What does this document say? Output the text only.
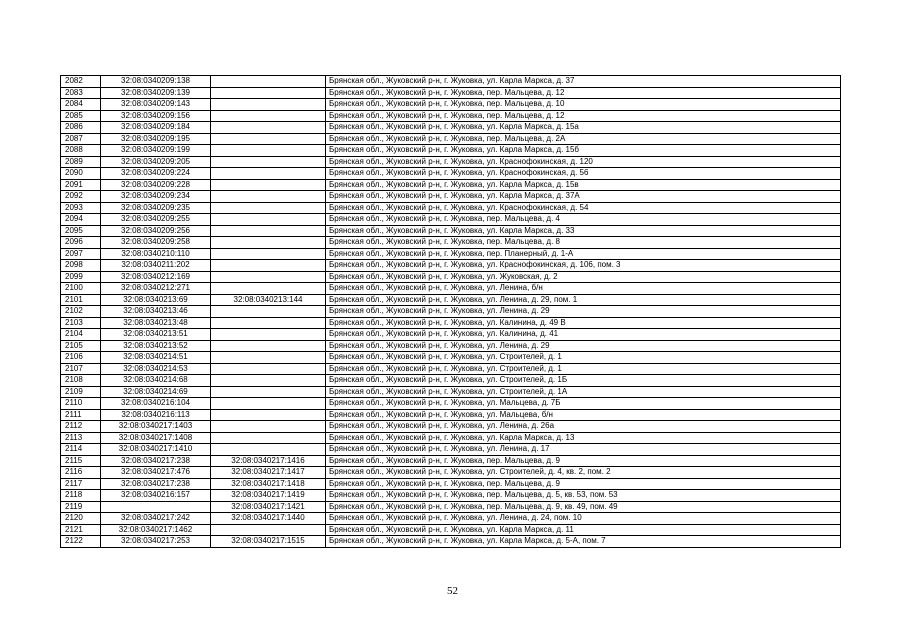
2082	32:08:0340209:138		Брянская обл., Жуковский р-н, г. Жуковка, ул. Карла Маркса, д. 37
2083	32:08:0340209:139		Брянская обл., Жуковский р-н, г. Жуковка, пер. Мальцева, д. 12
2084	32:08:0340209:143		Брянская обл., Жуковский р-н, г. Жуковка, пер. Мальцева, д. 10
2085	32:08:0340209:156		Брянская обл., Жуковский р-н, г. Жуковка, пер. Мальцева, д. 12
2086	32:08:0340209:184		Брянская обл., Жуковский р-н, г. Жуковка, ул. Карла Маркса, д. 15а
2087	32:08:0340209:195		Брянская обл., Жуковский р-н, г. Жуковка, пер. Мальцева, д. 2А
2088	32:08:0340209:199		Брянская обл., Жуковский р-н, г. Жуковка, ул. Карла Маркса, д. 15б
2089	32:08:0340209:205		Брянская обл., Жуковский р-н, г. Жуковка, ул. Краснофокинская, д. 120
2090	32:08:0340209:224		Брянская обл., Жуковский р-н, г. Жуковка, ул. Краснофокинская, д. 56
2091	32:08:0340209:228		Брянская обл., Жуковский р-н, г. Жуковка, ул. Карла Маркса, д. 15в
2092	32:08:0340209:234		Брянская обл., Жуковский р-н, г. Жуковка, ул. Карла Маркса, д. 37А
2093	32:08:0340209:235		Брянская обл., Жуковский р-н, г. Жуковка, ул. Краснофокинская, д. 54
2094	32:08:0340209:255		Брянская обл., Жуковский р-н, г. Жуковка, пер. Мальцева, д. 4
2095	32:08:0340209:256		Брянская обл., Жуковский р-н, г. Жуковка, ул. Карла Маркса, д. 33
2096	32:08:0340209:258		Брянская обл., Жуковский р-н, г. Жуковка, пер. Мальцева, д. 8
2097	32:08:0340210:110		Брянская обл., Жуковский р-н, г. Жуковка, пер. Планерный, д. 1-А
2098	32:08:0340211:202		Брянская обл., Жуковский р-н, г. Жуковка, ул. Краснофокинская, д. 106, пом. 3
2099	32:08:0340212:169		Брянская обл., Жуковский р-н, г. Жуковка, ул. Жуковская, д. 2
2100	32:08:0340212:271		Брянская обл., Жуковский р-н, г. Жуковка, ул. Ленина, б/н
2101	32:08:0340213:69	32:08:0340213:144	Брянская обл., Жуковский р-н, г. Жуковка, ул. Ленина, д. 29, пом. 1
2102	32:08:0340213:46		Брянская обл., Жуковский р-н, г. Жуковка, ул. Ленина, д. 29
2103	32:08:0340213:48		Брянская обл., Жуковский р-н, г. Жуковка, ул. Калинина, д. 49 В
2104	32:08:0340213:51		Брянская обл., Жуковский р-н, г. Жуковка, ул. Калинина, д. 41
2105	32:08:0340213:52		Брянская обл., Жуковский р-н, г. Жуковка, ул. Ленина, д. 29
2106	32:08:0340214:51		Брянская обл., Жуковский р-н, г. Жуковка, ул. Строителей, д. 1
2107	32:08:0340214:53		Брянская обл., Жуковский р-н, г. Жуковка, ул. Строителей, д. 1
2108	32:08:0340214:68		Брянская обл., Жуковский р-н, г. Жуковка, ул. Строителей, д. 1Б
2109	32:08:0340214:69		Брянская обл., Жуковский р-н, г. Жуковка, ул. Строителей, д. 1А
2110	32:08:0340216:104		Брянская обл., Жуковский р-н, г. Жуковка, ул. Мальцева, д. 7Б
2111	32:08:0340216:113		Брянская обл., Жуковский р-н, г. Жуковка, ул. Мальцева, б/н
2112	32:08:0340217:1403		Брянская обл., Жуковский р-н, г. Жуковка, ул. Ленина, д. 26а
2113	32:08:0340217:1408		Брянская обл., Жуковский р-н, г. Жуковка, ул. Карла Маркса, д. 13
2114	32:08:0340217:1410		Брянская обл., Жуковский р-н, г. Жуковка, ул. Ленина, д. 17
2115	32:08:0340217:238	32:08:0340217:1416	Брянская обл., Жуковский р-н, г. Жуковка, пер. Мальцева, д. 9
2116	32:08:0340217:476	32:08:0340217:1417	Брянская обл., Жуковский р-н, г. Жуковка, ул. Строителей, д. 4, кв. 2, пом. 2
2117	32:08:0340217:238	32:08:0340217:1418	Брянская обл., Жуковский р-н, г. Жуковка, пер. Мальцева, д. 9
2118	32:08:0340216:157	32:08:0340217:1419	Брянская обл., Жуковский р-н, г. Жуковка, пер. Мальцева, д. 5, кв. 53, пом. 53
2119		32:08:0340217:1421	Брянская обл., Жуковский р-н, г. Жуковка, пер. Мальцева, д. 9, кв. 49, пом. 49
2120	32:08:0340217:242	32:08:0340217:1440	Брянская обл., Жуковский р-н, г. Жуковка, ул. Ленина, д. 24, пом. 10
2121	32:08:0340217:1462		Брянская обл., Жуковский р-н, г. Жуковка, ул. Карла Маркса, д. 11
2122	32:08:0340217:253	32:08:0340217:1515	Брянская обл., Жуковский р-н, г. Жуковка, ул. Карла Маркса, д. 5-А, пом. 7
52
